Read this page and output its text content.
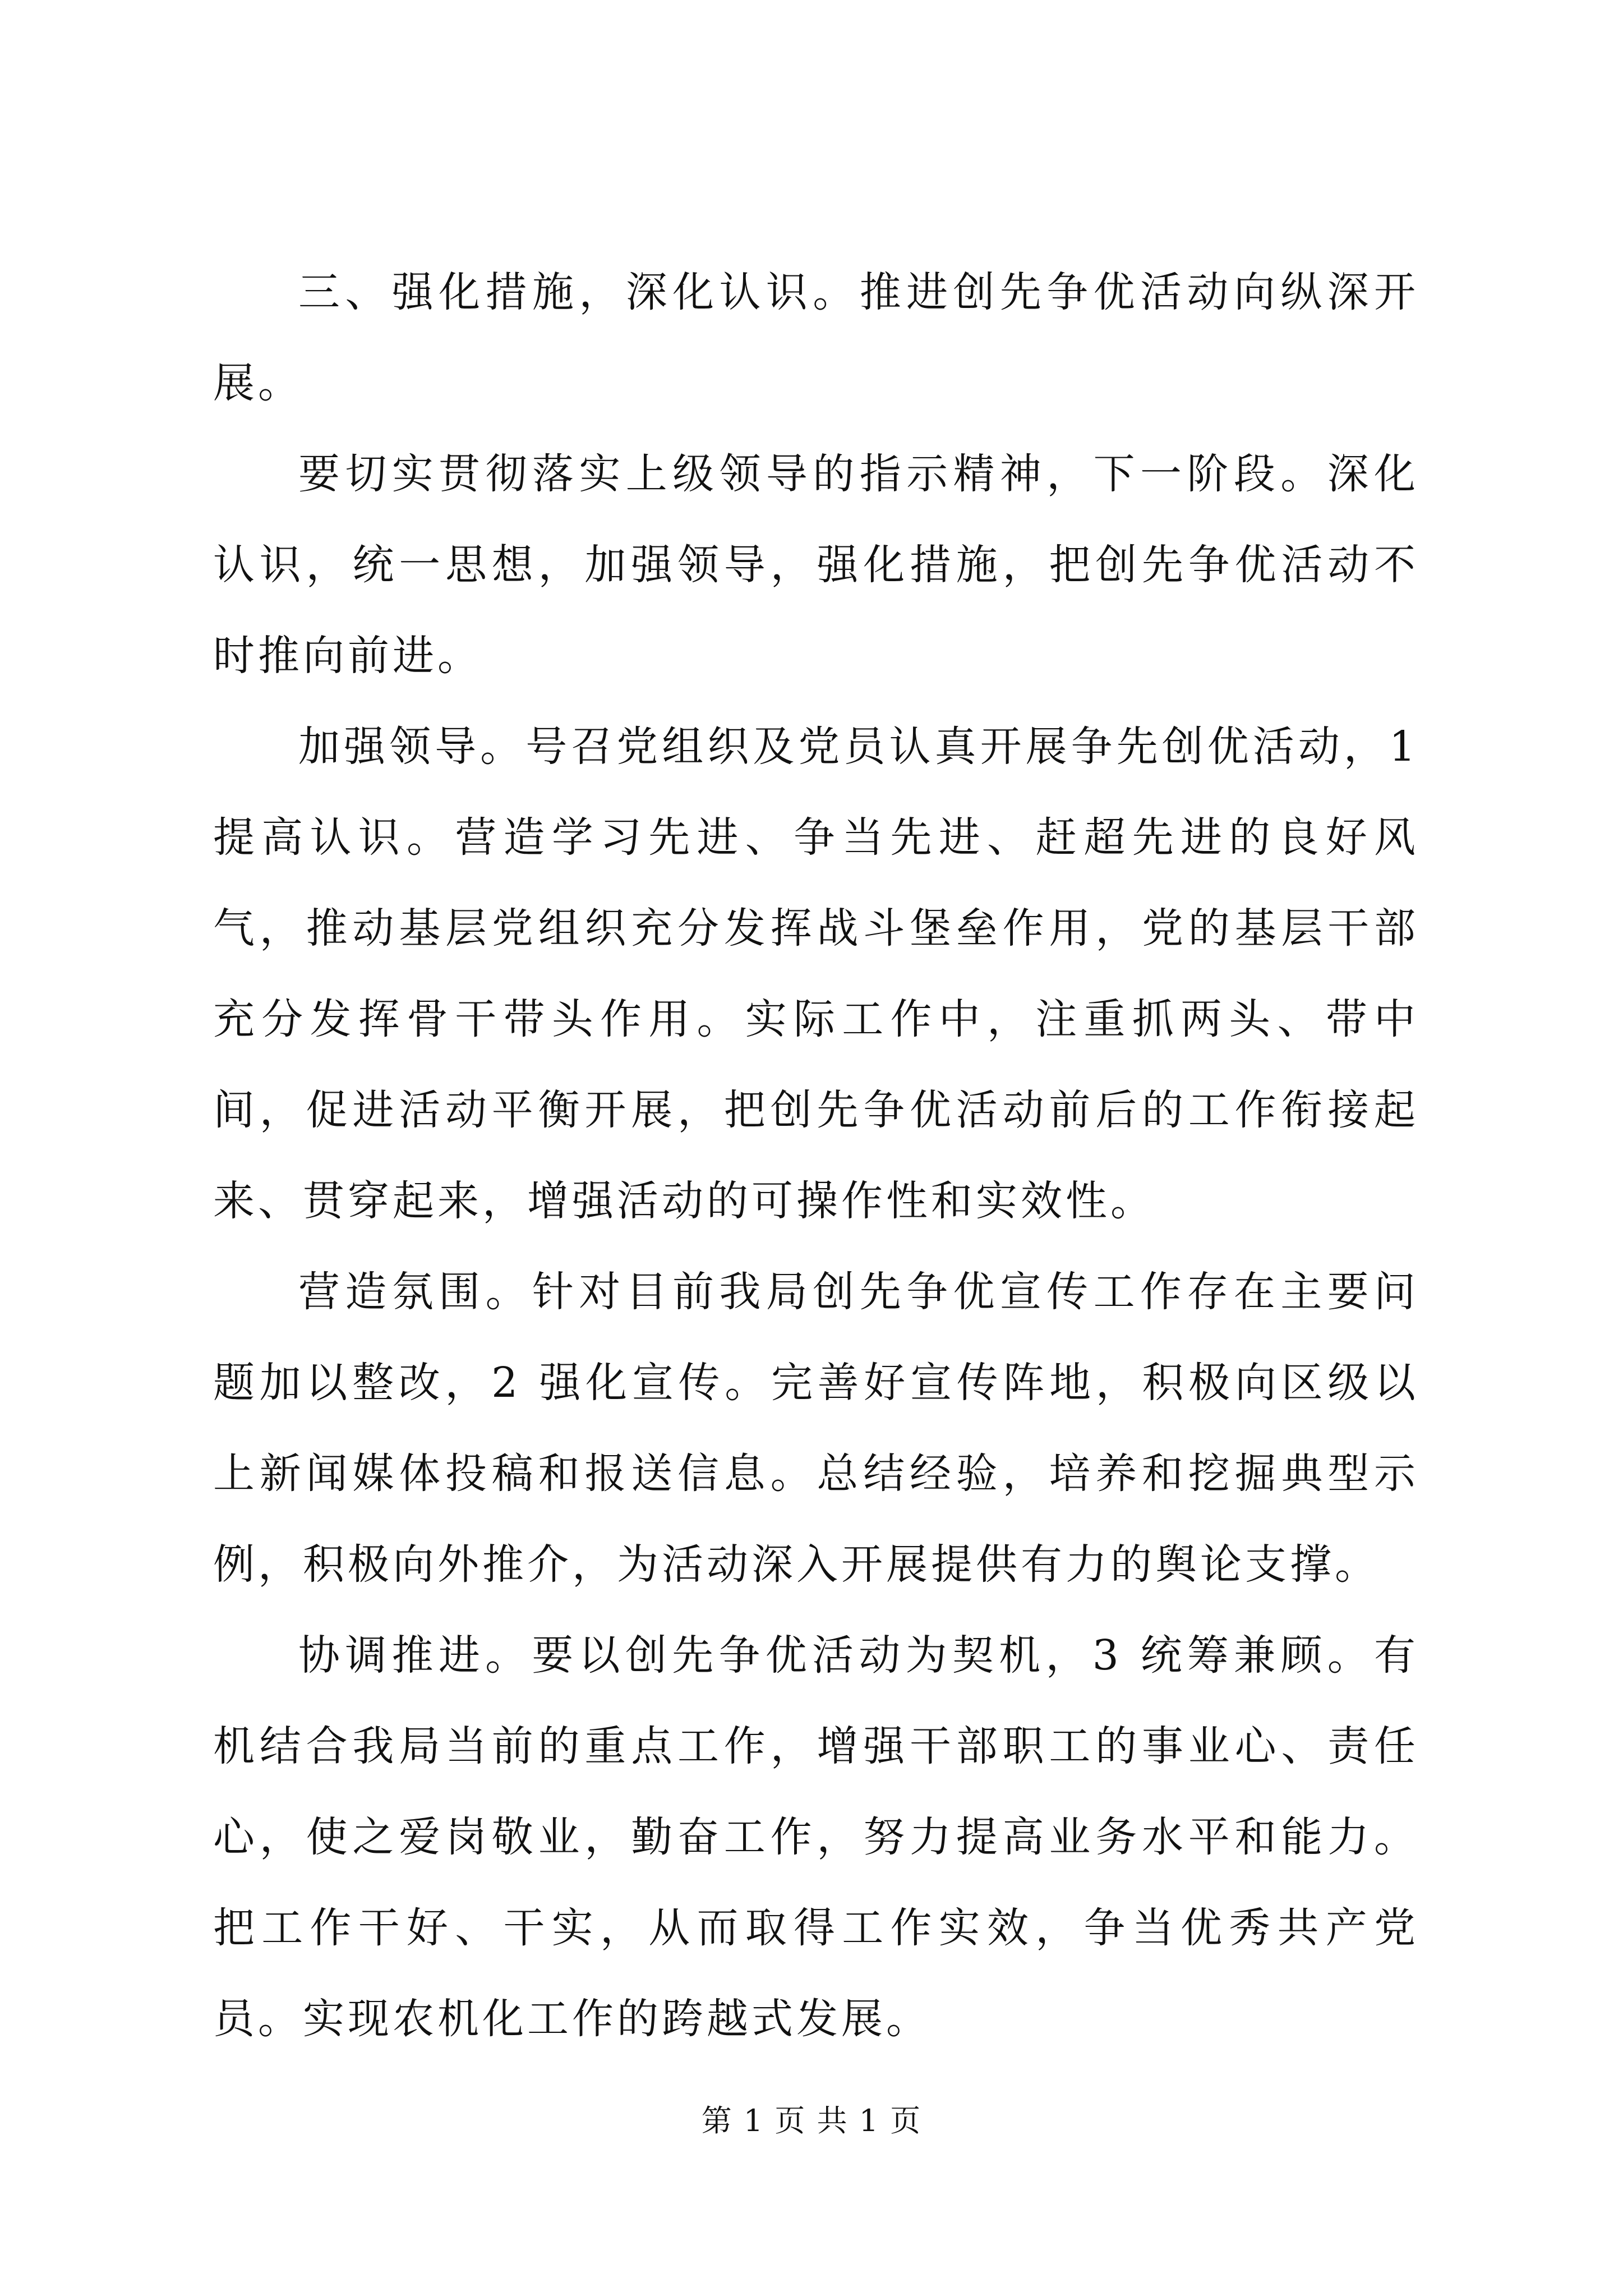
三、强化措施，深化认识。推进创先争优活动向纵深开展。

要切实贯彻落实上级领导的指示精神，下一阶段。深化认识，统一思想，加强领导，强化措施，把创先争优活动不时推向前进。

加强领导。号召党组织及党员认真开展争先创优活动，1 提高认识。营造学习先进、争当先进、赶超先进的良好风气，推动基层党组织充分发挥战斗堡垒作用，党的基层干部充分发挥骨干带头作用。实际工作中，注重抓两头、带中间，促进活动平衡开展，把创先争优活动前后的工作衔接起来、贯穿起来，增强活动的可操作性和实效性。

营造氛围。针对目前我局创先争优宣传工作存在主要问题加以整改，2 强化宣传。完善好宣传阵地，积极向区级以上新闻媒体投稿和报送信息。总结经验，培养和挖掘典型示例，积极向外推介，为活动深入开展提供有力的舆论支撑。

协调推进。要以创先争优活动为契机，3 统筹兼顾。有机结合我局当前的重点工作，增强干部职工的事业心、责任心，使之爱岗敬业，勤奋工作，努力提高业务水平和能力。把工作干好、干实，从而取得工作实效，争当优秀共产党员。实现农机化工作的跨越式发展。

第 1 页 共 1 页
